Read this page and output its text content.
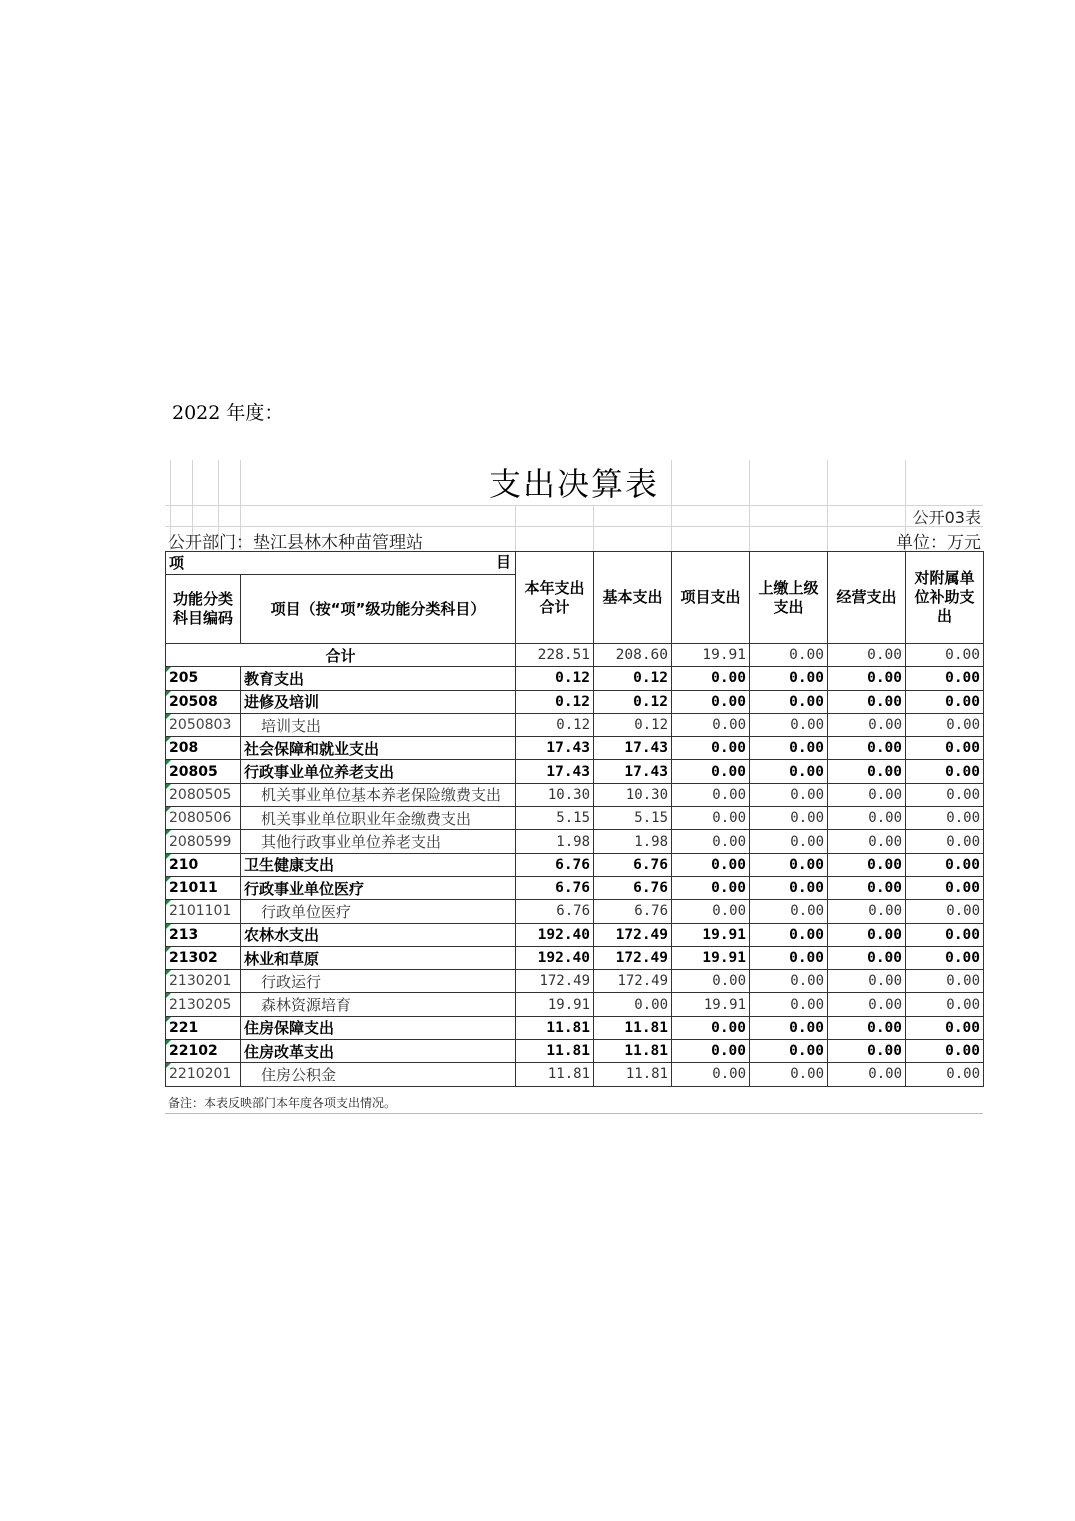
2022 年度：
支出决算表
公开03表
公开部门：垫江县林木种苗管理站	单位：万元
项 目		本年支出合计	基本支出	项目支出	上缴上级支出	经营支出	对附属单位补助支出
功能分类科目编码	项目（按“项”级功能分类科目）						
合计		228.51	208.60	19.91	0.00	0.00	0.00
205	教育支出	0.12	0.12	0.00	0.00	0.00	0.00
20508	进修及培训	0.12	0.12	0.00	0.00	0.00	0.00
2050803	培训支出	0.12	0.12	0.00	0.00	0.00	0.00
208	社会保障和就业支出	17.43	17.43	0.00	0.00	0.00	0.00
20805	行政事业单位养老支出	17.43	17.43	0.00	0.00	0.00	0.00
2080505	机关事业单位基本养老保险缴费支出	10.30	10.30	0.00	0.00	0.00	0.00
2080506	机关事业单位职业年金缴费支出	5.15	5.15	0.00	0.00	0.00	0.00
2080599	其他行政事业单位养老支出	1.98	1.98	0.00	0.00	0.00	0.00
210	卫生健康支出	6.76	6.76	0.00	0.00	0.00	0.00
21011	行政事业单位医疗	6.76	6.76	0.00	0.00	0.00	0.00
2101101	行政单位医疗	6.76	6.76	0.00	0.00	0.00	0.00
213	农林水支出	192.40	172.49	19.91	0.00	0.00	0.00
21302	林业和草原	192.40	172.49	19.91	0.00	0.00	0.00
2130201	行政运行	172.49	172.49	0.00	0.00	0.00	0.00
2130205	森林资源培育	19.91	0.00	19.91	0.00	0.00	0.00
221	住房保障支出	11.81	11.81	0.00	0.00	0.00	0.00
22102	住房改革支出	11.81	11.81	0.00	0.00	0.00	0.00
2210201	住房公积金	11.81	11.81	0.00	0.00	0.00	0.00
备注：本表反映部门本年度各项支出情况。
